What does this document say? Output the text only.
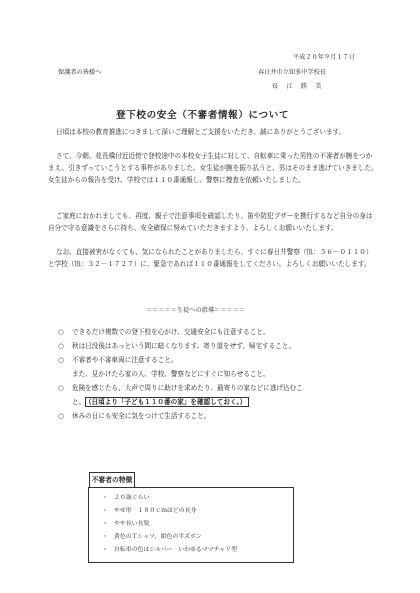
平成２０年９月１７日
保護者の皆様へ	春日井市立知多中学校長
長　江　勝　美
登下校の安全（不審者情報）について
日頃は本校の教育推進につきまして深いご理解とご支援をいただき、誠にありがとうございます。
さて、今朝、花長橋付近近傍で登校途中の本校女子生徒に対して、自転車に乗った男性の不審者が腕をつかまえ、引きずっていこうとする事件がありました。女生徒が腕を振り払うと、男はそのまま逃げていきました。女生徒からの報告を受け、学校では１１０番通報し、警察に捜査を依頼いたしました。
ご家庭におかれましても、再度、親子で注意事項を確認したり、笛や防犯ブザーを携行するなど自分の身は自分で守る意識をさらに持ち、安全確保に努めていただきますよう、よろしくお願いいたします。
なお、直接被害がなくても、気になられたことがありましたら、すぐに春日井警察（℡：５６－０１１０）と学校（℡：３２－１７２７）に、緊急であれば１１０番通報をしてください。よろしくお願いいたします。
＝＝＝＝＝生徒への指導＝＝＝＝＝
○ できるだけ複数での登下校を心がけ、交通安全にも注意すること。
○ 秋は日没後はあっという間に暗くなります。寄り道をせず、帰宅すること。
○ 不審者や不審車両に注意すること。
また、見かけたら家の人、学校、警察などにすぐに知らせること。
○ 危険を感じたら、大声で周りに助けを求めたり、最寄りの家などに逃げ込むこ
と。 （日頃より「子ども１１０番の家」を確認しておく。）
○ 休みの日にも安全に気をつけて生活すること。
不審者の特徴
・ ２０歳ぐらい
・ やせ形　１８０ｃｍほどの長身
・ やや長い長髪
・ 黄色のＴシャツ，紺色の半ズボン
・ 自転車の色はシルバー　いわゆるママチャリ型
